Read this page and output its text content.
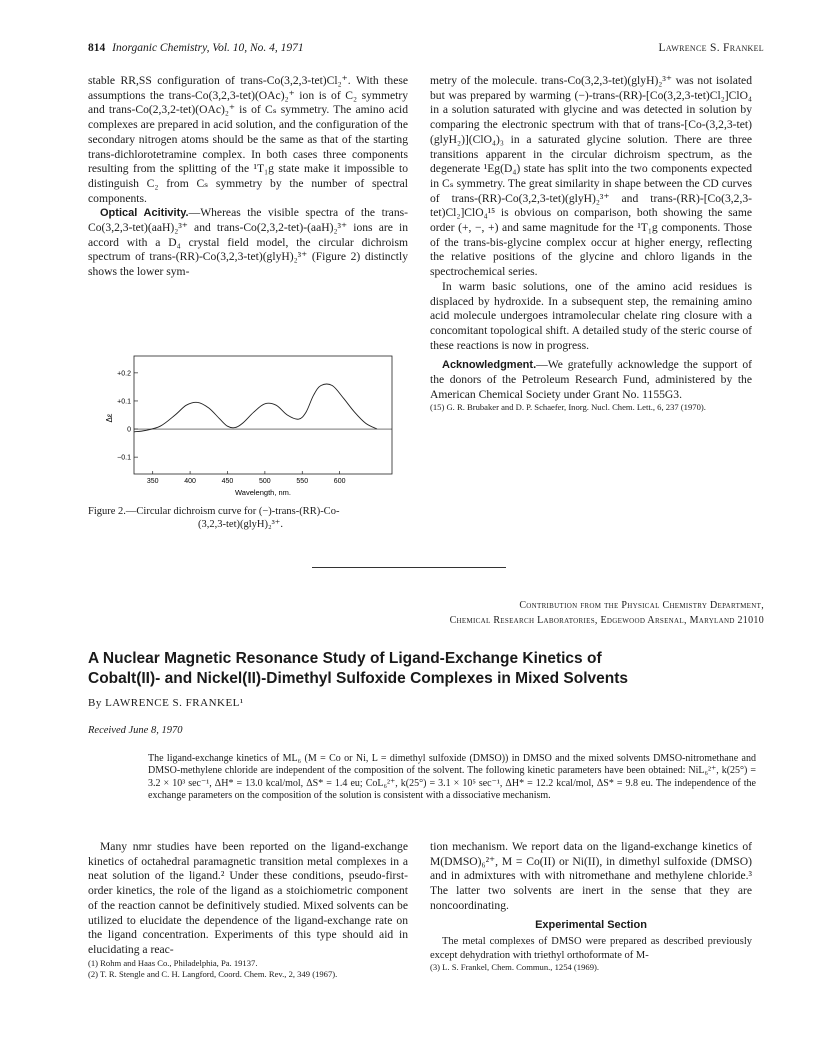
814 Inorganic Chemistry, Vol. 10, No. 4, 1971	Lawrence S. Frankel

stable RR,SS configuration of trans-Co(3,2,3-tet)Cl₂⁺. With these assumptions the trans-Co(3,2,3-tet)(OAc)₂⁺ ion is of C₂ symmetry and trans-Co(2,3,2-tet)(OAc)₂⁺ is of Cₛ symmetry. The amino acid complexes are prepared in acid solution, and the configuration of the secondary nitrogen atoms should be the same as that of the starting trans-dichlorotetramine complex. In both cases three components resulting from the splitting of the ¹T₁g state make it impossible to distinguish C₂ from Cₛ symmetry by the number of spectral components.

Optical Acitivity.—Whereas the visible spectra of the trans-Co(3,2,3-tet)(aaH)₂³⁺ and trans-Co(2,3,2-tet)-(aaH)₂³⁺ ions are in accord with a D₄ crystal field model, the circular dichroism spectrum of trans-(RR)-Co(3,2,3-tet)(glyH)₂³⁺ (Figure 2) distinctly shows the lower sym-

metry of the molecule. trans-Co(3,2,3-tet)(glyH)₂³⁺ was not isolated but was prepared by warming (−)-trans-(RR)-[Co(3,2,3-tet)Cl₂]ClO₄ in a solution saturated with glycine and was detected in solution by comparing the electronic spectrum with that of trans-[Co-(3,2,3-tet)(glyH₂)](ClO₄)₃ in a saturated glycine solution. There are three transitions apparent in the circular dichroism spectrum, as the degenerate ¹Eg(D₄) state has split into the two components expected in Cₛ symmetry. The great similarity in shape between the CD curves of trans-(RR)-Co(3,2,3-tet)(glyH)₂³⁺ and trans-(RR)-[Co(3,2,3-tet)Cl₂]ClO₄¹⁵ is obvious on comparison, both showing the same order (+, −, +) and same magnitude for the ¹T₁g components. Those of the trans-bis-glycine complex occur at higher energy, reflecting the relative positions of the glycine and chloro ligands in the spectrochemical series.

In warm basic solutions, one of the amino acid residues is displaced by hydroxide. In a subsequent step, the remaining amino acid molecule undergoes intramolecular chelate ring closure with a concomitant topological shift. A detailed study of the steric course of these reactions is now in progress.

Acknowledgment.—We gratefully acknowledge the support of the donors of the Petroleum Research Fund, administered by the American Chemical Society under Grant No. 1155G3.

(15) G. R. Brubaker and D. P. Schaefer, Inorg. Nucl. Chem. Lett., 6, 237 (1970).

+0.2
+0.1
0
−0.1
350	400	450	500	550	600
Δε
Wavelength, nm.
Figure 2.—Circular dichroism curve for (−)-trans-(RR)-Co-
(3,2,3-tet)(glyH)₂³⁺.
Contribution from the Physical Chemistry Department,
Chemical Research Laboratories, Edgewood Arsenal, Maryland 21010
A Nuclear Magnetic Resonance Study of Ligand-Exchange Kinetics of
Cobalt(II)- and Nickel(II)-Dimethyl Sulfoxide Complexes in Mixed Solvents
By LAWRENCE S. FRANKEL¹
Received June 8, 1970
The ligand-exchange kinetics of ML₆ (M = Co or Ni, L = dimethyl sulfoxide (DMSO)) in DMSO and the mixed solvents DMSO-nitromethane and DMSO-methylene chloride are independent of the composition of the solvent. The following kinetic parameters have been obtained: NiL₆²⁺, k(25°) = 3.2 × 10³ sec⁻¹, ΔH* = 13.0 kcal/mol, ΔS* = 1.4 eu; CoL₆²⁺, k(25°) = 3.1 × 10⁵ sec⁻¹, ΔH* = 12.2 kcal/mol, ΔS* = 9.8 eu. The independence of the exchange parameters on the composition of the solution is consistent with a dissociative mechanism.

Many nmr studies have been reported on the ligand-exchange kinetics of octahedral paramagnetic transition metal complexes in a neat solution of the ligand.² Under these conditions, pseudo-first-order kinetics, the role of the ligand as a stoichiometric component of the reaction cannot be definitively studied. Mixed solvents can be utilized to elucidate the dependence of the ligand-exchange rate on the ligand concentration. Experiments of this type should aid in elucidating a reac-

(1) Rohm and Haas Co., Philadelphia, Pa. 19137.

(2) T. R. Stengle and C. H. Langford, Coord. Chem. Rev., 2, 349 (1967).

tion mechanism. We report data on the ligand-exchange kinetics of M(DMSO)₆²⁺, M = Co(II) or Ni(II), in dimethyl sulfoxide (DMSO) and in admixtures with with nitromethane and methylene chloride.³ The latter two solvents are inert in the sense that they are noncoordinating.

Experimental Section

The metal complexes of DMSO were prepared as described previously except dehydration with triethyl orthoformate of M-

(3) L. S. Frankel, Chem. Commun., 1254 (1969).
